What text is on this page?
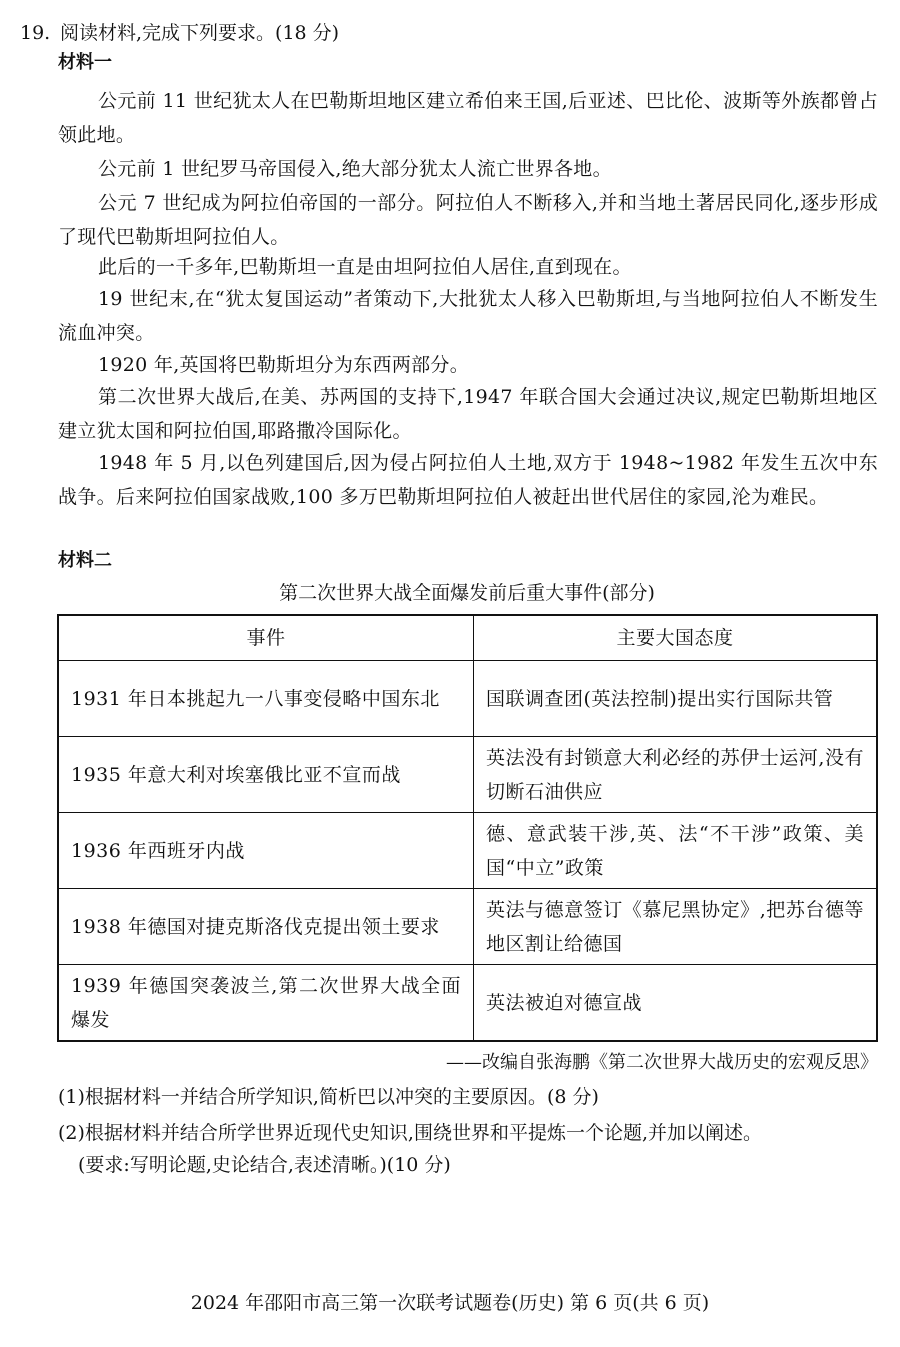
19. 阅读材料,完成下列要求。(18 分)
材料一
公元前 11 世纪犹太人在巴勒斯坦地区建立希伯来王国,后亚述、巴比伦、波斯等外族都曾占领此地。
公元前 1 世纪罗马帝国侵入,绝大部分犹太人流亡世界各地。
公元 7 世纪成为阿拉伯帝国的一部分。阿拉伯人不断移入,并和当地土著居民同化,逐步形成了现代巴勒斯坦阿拉伯人。
此后的一千多年,巴勒斯坦一直是由坦阿拉伯人居住,直到现在。
19 世纪末,在“犹太复国运动”者策动下,大批犹太人移入巴勒斯坦,与当地阿拉伯人不断发生流血冲突。
1920 年,英国将巴勒斯坦分为东西两部分。
第二次世界大战后,在美、苏两国的支持下,1947 年联合国大会通过决议,规定巴勒斯坦地区建立犹太国和阿拉伯国,耶路撒冷国际化。
1948 年 5 月,以色列建国后,因为侵占阿拉伯人土地,双方于 1948~1982 年发生五次中东战争。后来阿拉伯国家战败,100 多万巴勒斯坦阿拉伯人被赶出世代居住的家园,沦为难民。
材料二
第二次世界大战全面爆发前后重大事件(部分)
事件	主要大国态度
1931 年日本挑起九一八事变侵略中国东北	国联调查团(英法控制)提出实行国际共管
1935 年意大利对埃塞俄比亚不宣而战	英法没有封锁意大利必经的苏伊士运河,没有切断石油供应
1936 年西班牙内战	德、意武装干涉,英、法“不干涉”政策、美国“中立”政策
1938 年德国对捷克斯洛伐克提出领土要求	英法与德意签订《慕尼黑协定》,把苏台德等地区割让给德国
1939 年德国突袭波兰,第二次世界大战全面爆发	英法被迫对德宣战
——改编自张海鹏《第二次世界大战历史的宏观反思》
(1)根据材料一并结合所学知识,简析巴以冲突的主要原因。(8 分)
(2)根据材料并结合所学世界近现代史知识,围绕世界和平提炼一个论题,并加以阐述。
(要求:写明论题,史论结合,表述清晰。)(10 分)
2024 年邵阳市高三第一次联考试题卷(历史) 第 6 页(共 6 页)
